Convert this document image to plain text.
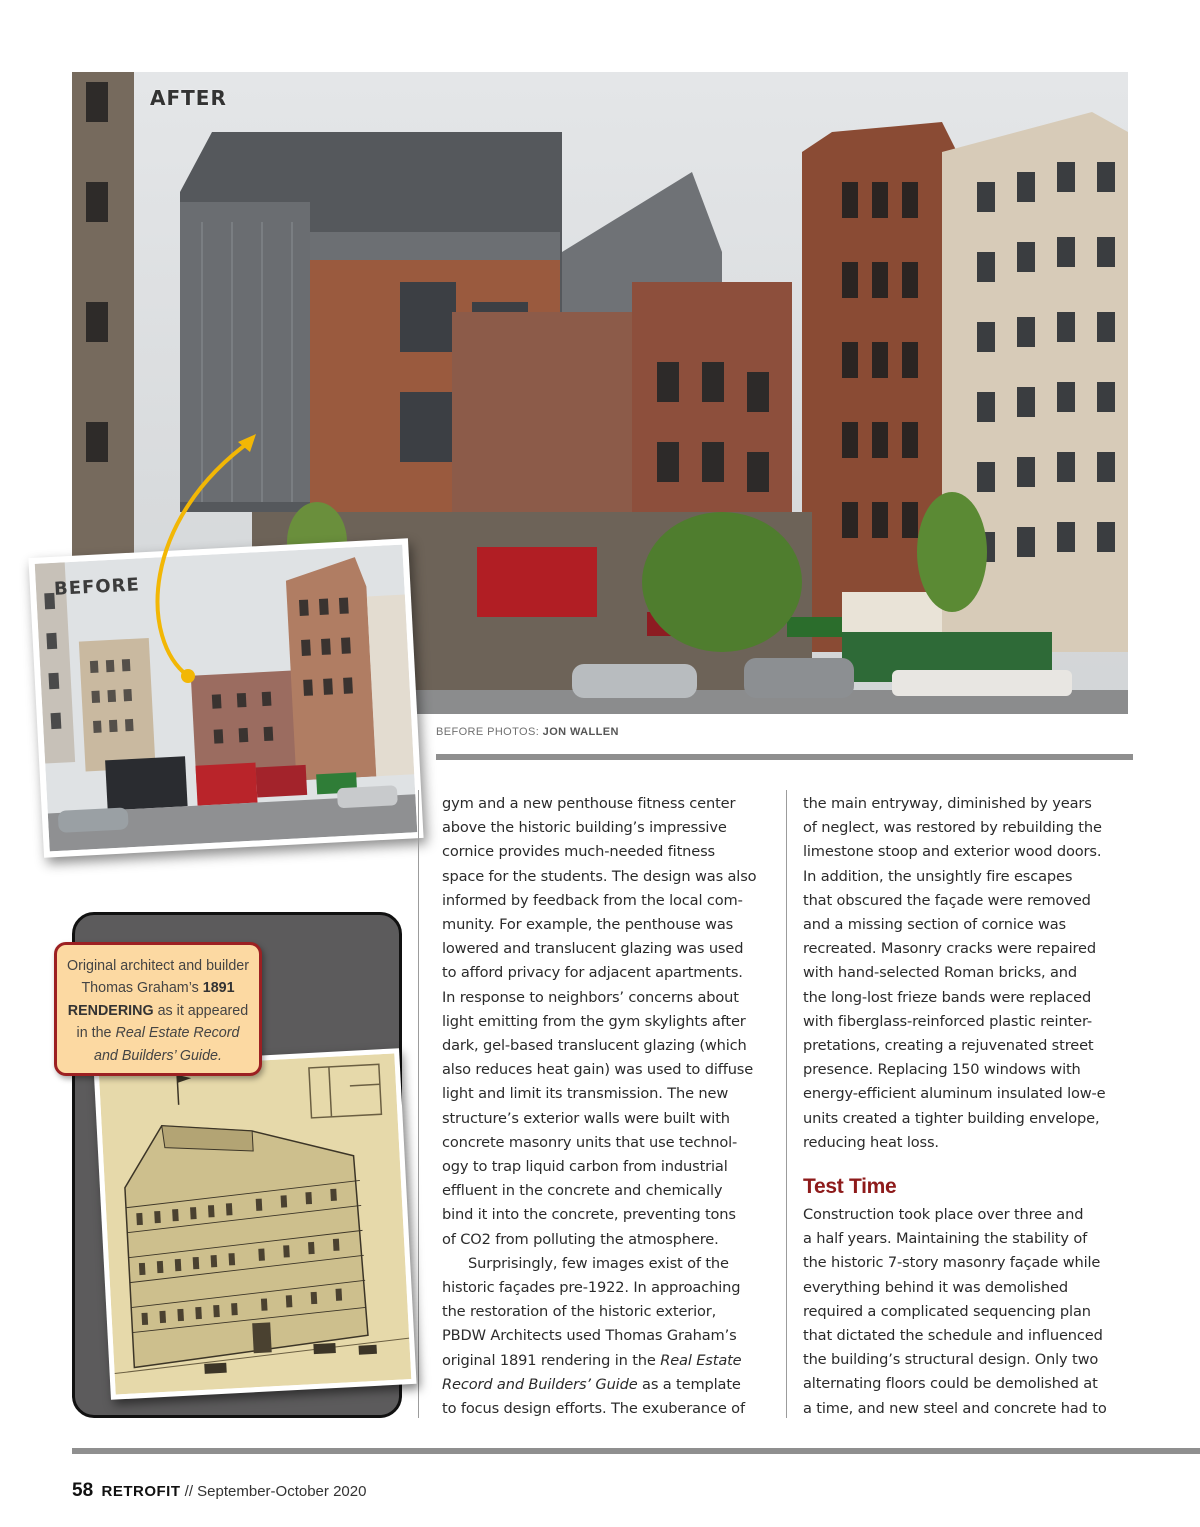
AFTER
BEFORE PHOTOS: JON WALLEN
BEFORE
gym and a new penthouse fitness center
above the historic building’s impressive
cornice provides much-needed fitness
space for the students. The design was also
informed by feedback from the local com-
munity. For example, the penthouse was
lowered and translucent glazing was used
to afford privacy for adjacent apartments.
In response to neighbors’ concerns about
light emitting from the gym skylights after
dark, gel-based translucent glazing (which
also reduces heat gain) was used to diffuse
light and limit its transmission. The new
structure’s exterior walls were built with
concrete masonry units that use technol-
ogy to trap liquid carbon from industrial
effluent in the concrete and chemically
bind it into the concrete, preventing tons
of CO2 from polluting the atmosphere.
Surprisingly, few images exist of the
historic façades pre-1922. In approaching
the restoration of the historic exterior,
PBDW Architects used Thomas Graham’s
original 1891 rendering in the Real Estate
Record and Builders’ Guide as a template
to focus design efforts. The exuberance of
the main entryway, diminished by years
of neglect, was restored by rebuilding the
limestone stoop and exterior wood doors.
In addition, the unsightly fire escapes
that obscured the façade were removed
and a missing section of cornice was
recreated. Masonry cracks were repaired
with hand-selected Roman bricks, and
the long-lost frieze bands were replaced
with fiberglass-reinforced plastic reinter-
pretations, creating a rejuvenated street
presence. Replacing 150 windows with
energy-efficient aluminum insulated low-e
units created a tighter building envelope,
reducing heat loss.
Test Time
Construction took place over three and
a half years. Maintaining the stability of
the historic 7-story masonry façade while
everything behind it was demolished
required a complicated sequencing plan
that dictated the schedule and influenced
the building’s structural design. Only two
alternating floors could be demolished at
a time, and new steel and concrete had to
Original architect and builder Thomas Graham’s 1891 RENDERING as it appeared in the Real Estate Record and Builders’ Guide.
58 RETROFIT // September-October 2020
